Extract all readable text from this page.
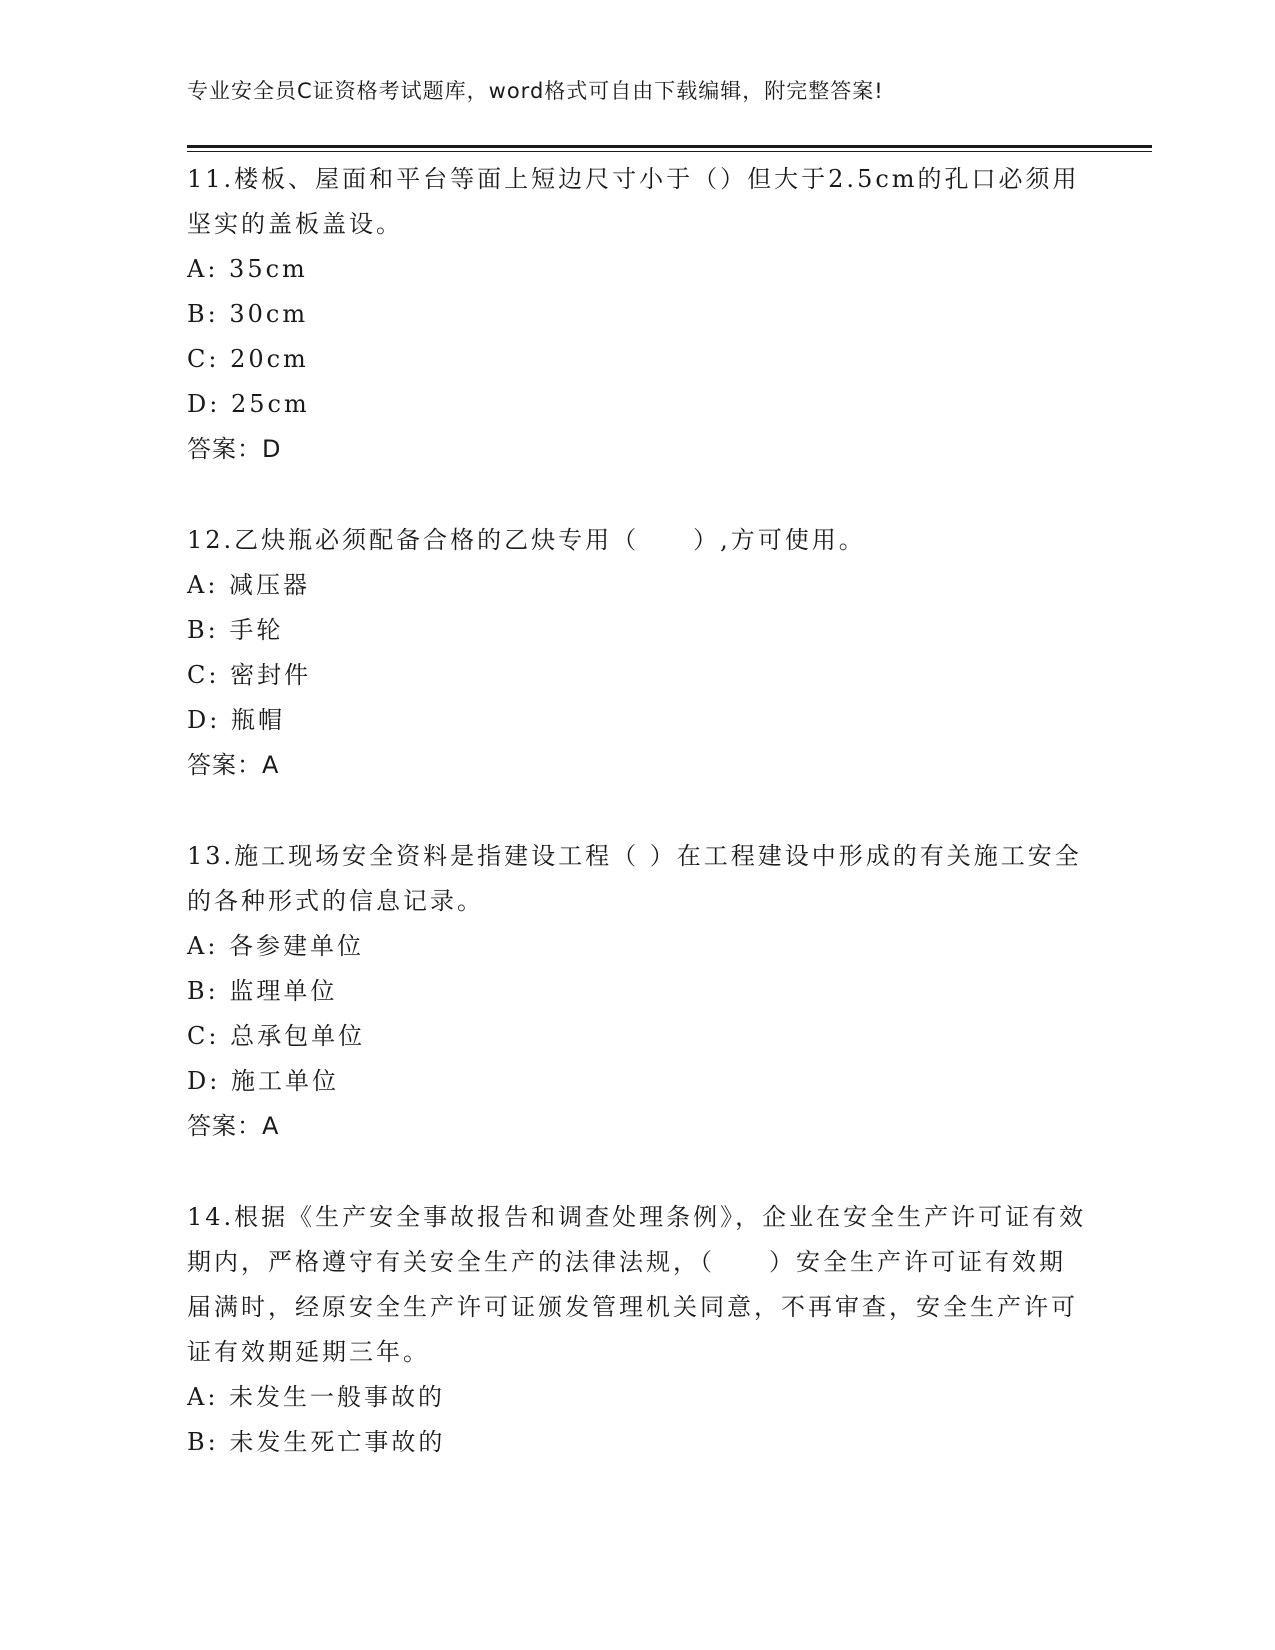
专业安全员C证资格考试题库，word格式可自由下载编辑，附完整答案!
11.楼板、屋面和平台等面上短边尺寸小于（）但大于2.5cm的孔口必须用坚实的盖板盖设。
A: 35cm
B: 30cm
C: 20cm
D: 25cm
答案：D
12.乙炔瓶必须配备合格的乙炔专用（　　）,方可使用。
A: 减压器
B: 手轮
C: 密封件
D: 瓶帽
答案：A
13.施工现场安全资料是指建设工程（ ）在工程建设中形成的有关施工安全的各种形式的信息记录。
A: 各参建单位
B: 监理单位
C: 总承包单位
D: 施工单位
答案：A
14.根据《生产安全事故报告和调查处理条例》，企业在安全生产许可证有效期内，严格遵守有关安全生产的法律法规，（　　）安全生产许可证有效期届满时，经原安全生产许可证颁发管理机关同意，不再审查，安全生产许可证有效期延期三年。
A: 未发生一般事故的
B: 未发生死亡事故的
